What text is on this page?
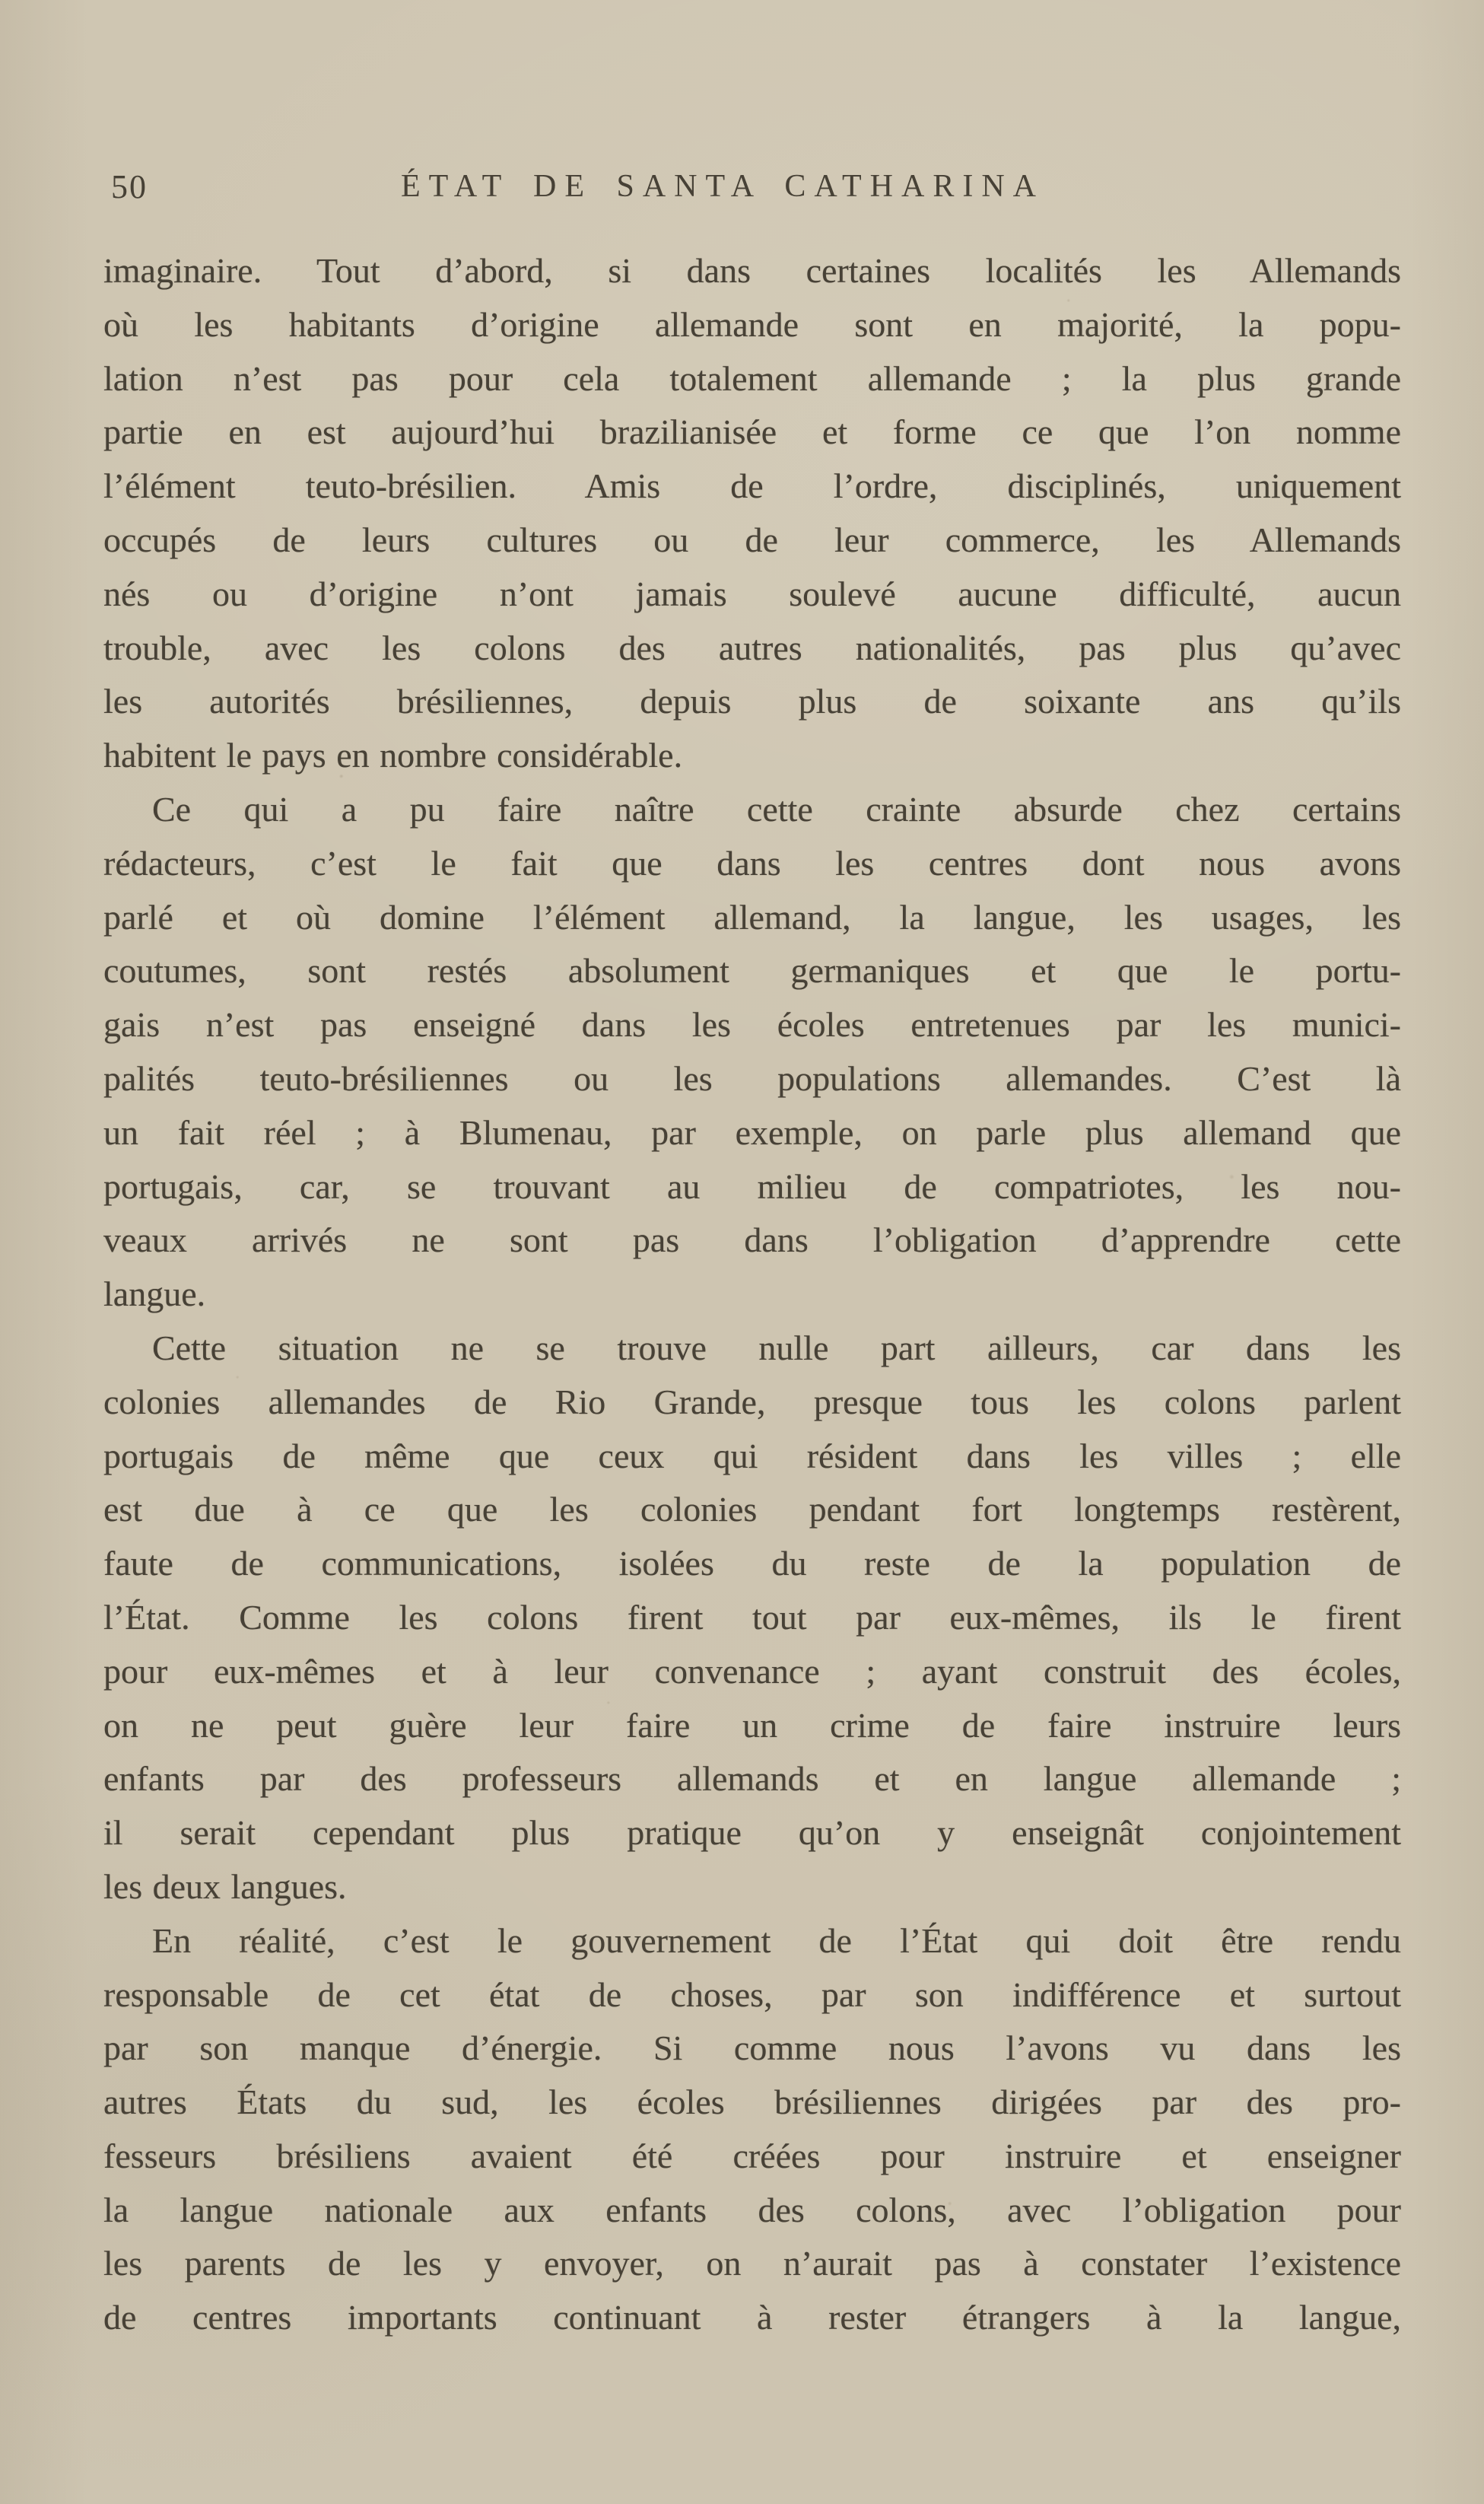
50	ÉTAT DE SANTA CATHARINA
imaginaire. Tout d’abord, si dans certaines localités les Allemands
où les habitants d’origine allemande sont en majorité, la popu-
lation n’est pas pour cela totalement allemande ; la plus grande
partie en est aujourd’hui brazilianisée et forme ce que l’on nomme
l’élément teuto-brésilien. Amis de l’ordre, disciplinés, uniquement
occupés de leurs cultures ou de leur commerce, les Allemands
nés ou d’origine n’ont jamais soulevé aucune difficulté, aucun
trouble, avec les colons des autres nationalités, pas plus qu’avec
les autorités brésiliennes, depuis plus de soixante ans qu’ils
habitent le pays en nombre considérable.
Ce qui a pu faire naître cette crainte absurde chez certains
rédacteurs, c’est le fait que dans les centres dont nous avons
parlé et où domine l’élément allemand, la langue, les usages, les
coutumes, sont restés absolument germaniques et que le portu-
gais n’est pas enseigné dans les écoles entretenues par les munici-
palités teuto-brésiliennes ou les populations allemandes. C’est là
un fait réel ; à Blumenau, par exemple, on parle plus allemand que
portugais, car, se trouvant au milieu de compatriotes, les nou-
veaux arrivés ne sont pas dans l’obligation d’apprendre cette
langue.
Cette situation ne se trouve nulle part ailleurs, car dans les
colonies allemandes de Rio Grande, presque tous les colons parlent
portugais de même que ceux qui résident dans les villes ; elle
est due à ce que les colonies pendant fort longtemps restèrent,
faute de communications, isolées du reste de la population de
l’État. Comme les colons firent tout par eux-mêmes, ils le firent
pour eux-mêmes et à leur convenance ; ayant construit des écoles,
on ne peut guère leur faire un crime de faire instruire leurs
enfants par des professeurs allemands et en langue allemande ;
il serait cependant plus pratique qu’on y enseignât conjointement
les deux langues.
En réalité, c’est le gouvernement de l’État qui doit être rendu
responsable de cet état de choses, par son indifférence et surtout
par son manque d’énergie. Si comme nous l’avons vu dans les
autres États du sud, les écoles brésiliennes dirigées par des pro-
fesseurs brésiliens avaient été créées pour instruire et enseigner
la langue nationale aux enfants des colons, avec l’obligation pour
les parents de les y envoyer, on n’aurait pas à constater l’existence
de centres importants continuant à rester étrangers à la langue,
